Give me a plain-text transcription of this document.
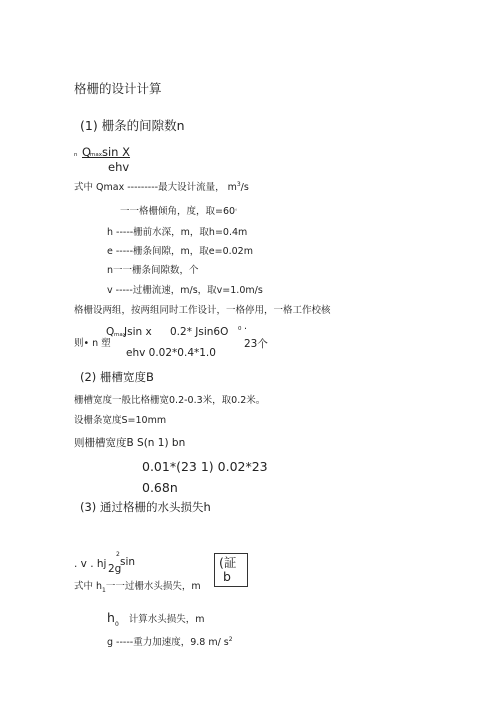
格栅的设计计算
(1) 栅条的间隙数n
n Q
max sin X
ehv
式中 Qmax ---------最大设计流量， $m^3/s$
一一格栅倾角，度，取=60。
h -----栅前水深，m，取h=0.4m
e -----栅条间隙，m，取e=0.02m
n一一栅条间隙数，个
v -----过栅流速，m/s，取v=1.0m/s
格栅设两组，按两组同时工作设计，一格停用，一格工作校核
Q max
Jsin x 0.2* Jsin6O 0 ·
则• n 塑
ehv 0.02*0.4*1.0
23个
(2) 栅槽宽度B
栅槽宽度一般比格栅宽0.2-0.3米，取0.2米。
设栅条宽度S=10mm
则栅槽宽度B S(n 1) bn
0.01*(23 1) 0.02*23
0.68n
(3) 通过格栅的水头损失h
. v . hj
2
2g
sin	(証
b
式中 $h_1$一一过栅水头损失，m
$h_0$ 计算水头损失，m
g -----重力加速度，9.8 m/ $s^2$
